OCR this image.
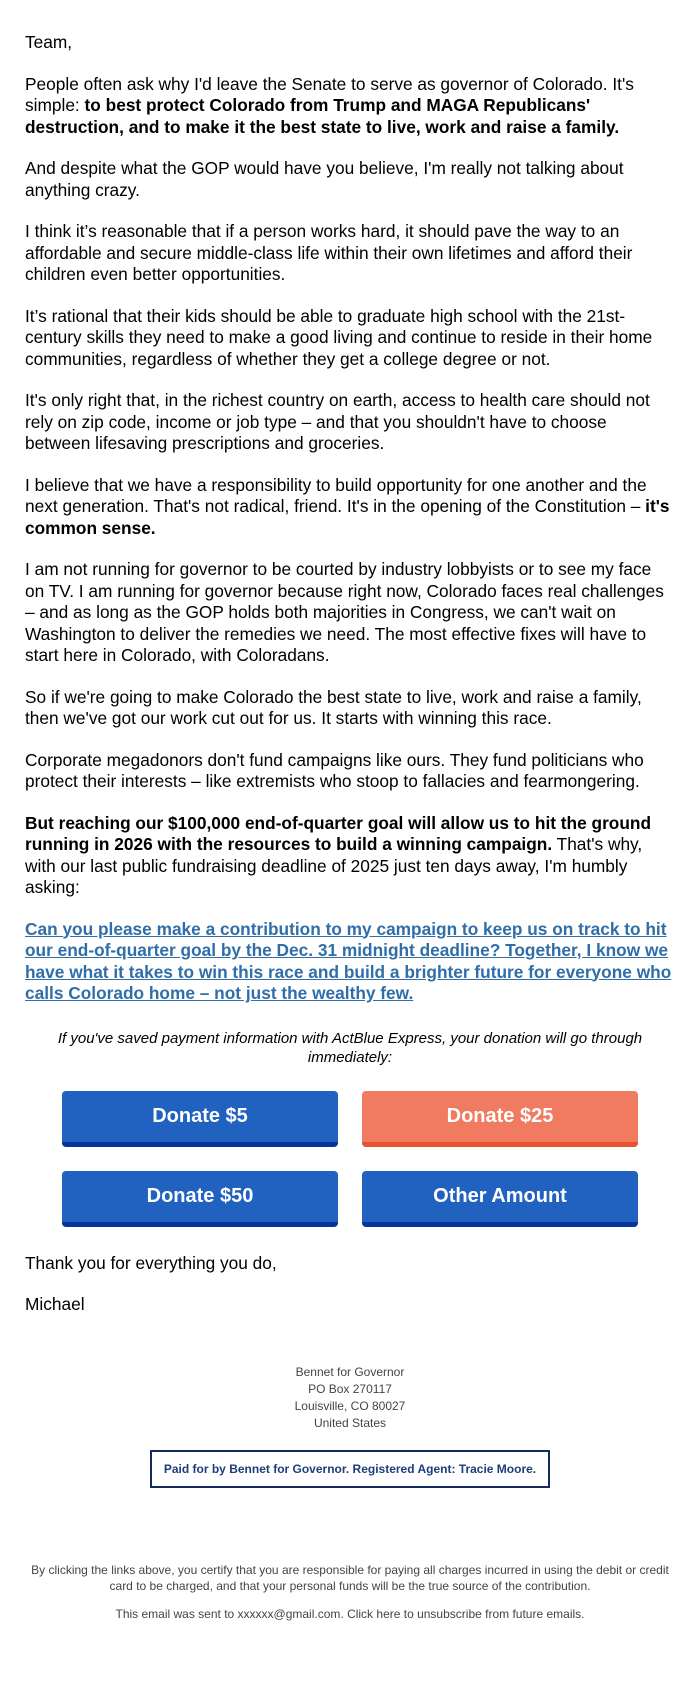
Team,

People often ask why I'd leave the Senate to serve as governor of Colorado. It's simple: to best protect Colorado from Trump and MAGA Republicans' destruction, and to make it the best state to live, work and raise a family.

And despite what the GOP would have you believe, I'm really not talking about anything crazy.

I think it’s reasonable that if a person works hard, it should pave the way to an affordable and secure middle-class life within their own lifetimes and afford their children even better opportunities.

It’s rational that their kids should be able to graduate high school with the 21st-century skills they need to make a good living and continue to reside in their home communities, regardless of whether they get a college degree or not.

It's only right that, in the richest country on earth, access to health care should not rely on zip code, income or job type – and that you shouldn't have to choose between lifesaving prescriptions and groceries.

I believe that we have a responsibility to build opportunity for one another and the next generation. That's not radical, friend. It's in the opening of the Constitution – it's common sense.

I am not running for governor to be courted by industry lobbyists or to see my face on TV. I am running for governor because right now, Colorado faces real challenges – and as long as the GOP holds both majorities in Congress, we can't wait on Washington to deliver the remedies we need. The most effective fixes will have to start here in Colorado, with Coloradans.

So if we're going to make Colorado the best state to live, work and raise a family, then we've got our work cut out for us. It starts with winning this race.

Corporate megadonors don't fund campaigns like ours. They fund politicians who protect their interests – like extremists who stoop to fallacies and fearmongering.

But reaching our $100,000 end-of-quarter goal will allow us to hit the ground running in 2026 with the resources to build a winning campaign. That's why, with our last public fundraising deadline of 2025 just ten days away, I'm humbly asking:

Can you please make a contribution to my campaign to keep us on track to hit our end-of-quarter goal by the Dec. 31 midnight deadline? Together, I know we have what it takes to win this race and build a brighter future for everyone who calls Colorado home – not just the wealthy few.
If you've saved payment information with ActBlue Express, your donation will go through immediately:
Donate $5	Donate $25
Donate $50	Other Amount

Thank you for everything you do,

Michael

Bennet for Governor
PO Box 270117
Louisville, CO 80027
United States
Paid for by Bennet for Governor. Registered Agent: Tracie Moore.
By clicking the links above, you certify that you are responsible for paying all charges incurred in using the debit or credit card to be charged, and that your personal funds will be the true source of the contribution.
This email was sent to xxxxxx@gmail.com. Click here to unsubscribe from future emails.
